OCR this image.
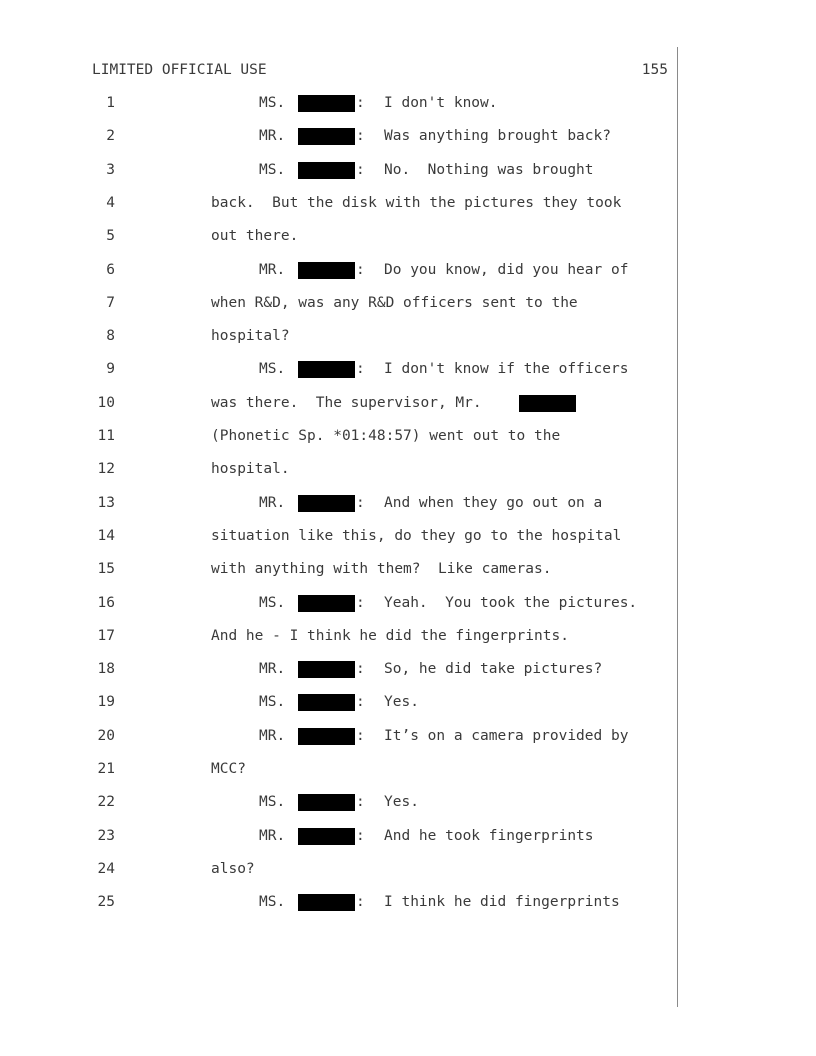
LIMITED OFFICIAL USE	155
1	MS.	: I don't know.
2	MR.	: Was anything brought back?
3	MS.	: No.  Nothing was brought
4	back.  But the disk with the pictures they took
5	out there.
6	MR.	: Do you know, did you hear of
7	when R&D, was any R&D officers sent to the
8	hospital?
9	MS.	: I don't know if the officers
10	was there.  The supervisor, Mr.
11	(Phonetic Sp. *01:48:57) went out to the
12	hospital.
13	MR.	: And when they go out on a
14	situation like this, do they go to the hospital
15	with anything with them?  Like cameras.
16	MS.	: Yeah.  You took the pictures.
17	And he - I think he did the fingerprints.
18	MR.	: So, he did take pictures?
19	MS.	: Yes.
20	MR.	: It’s on a camera provided by
21	MCC?
22	MS.	: Yes.
23	MR.	: And he took fingerprints
24	also?
25	MS.	: I think he did fingerprints
